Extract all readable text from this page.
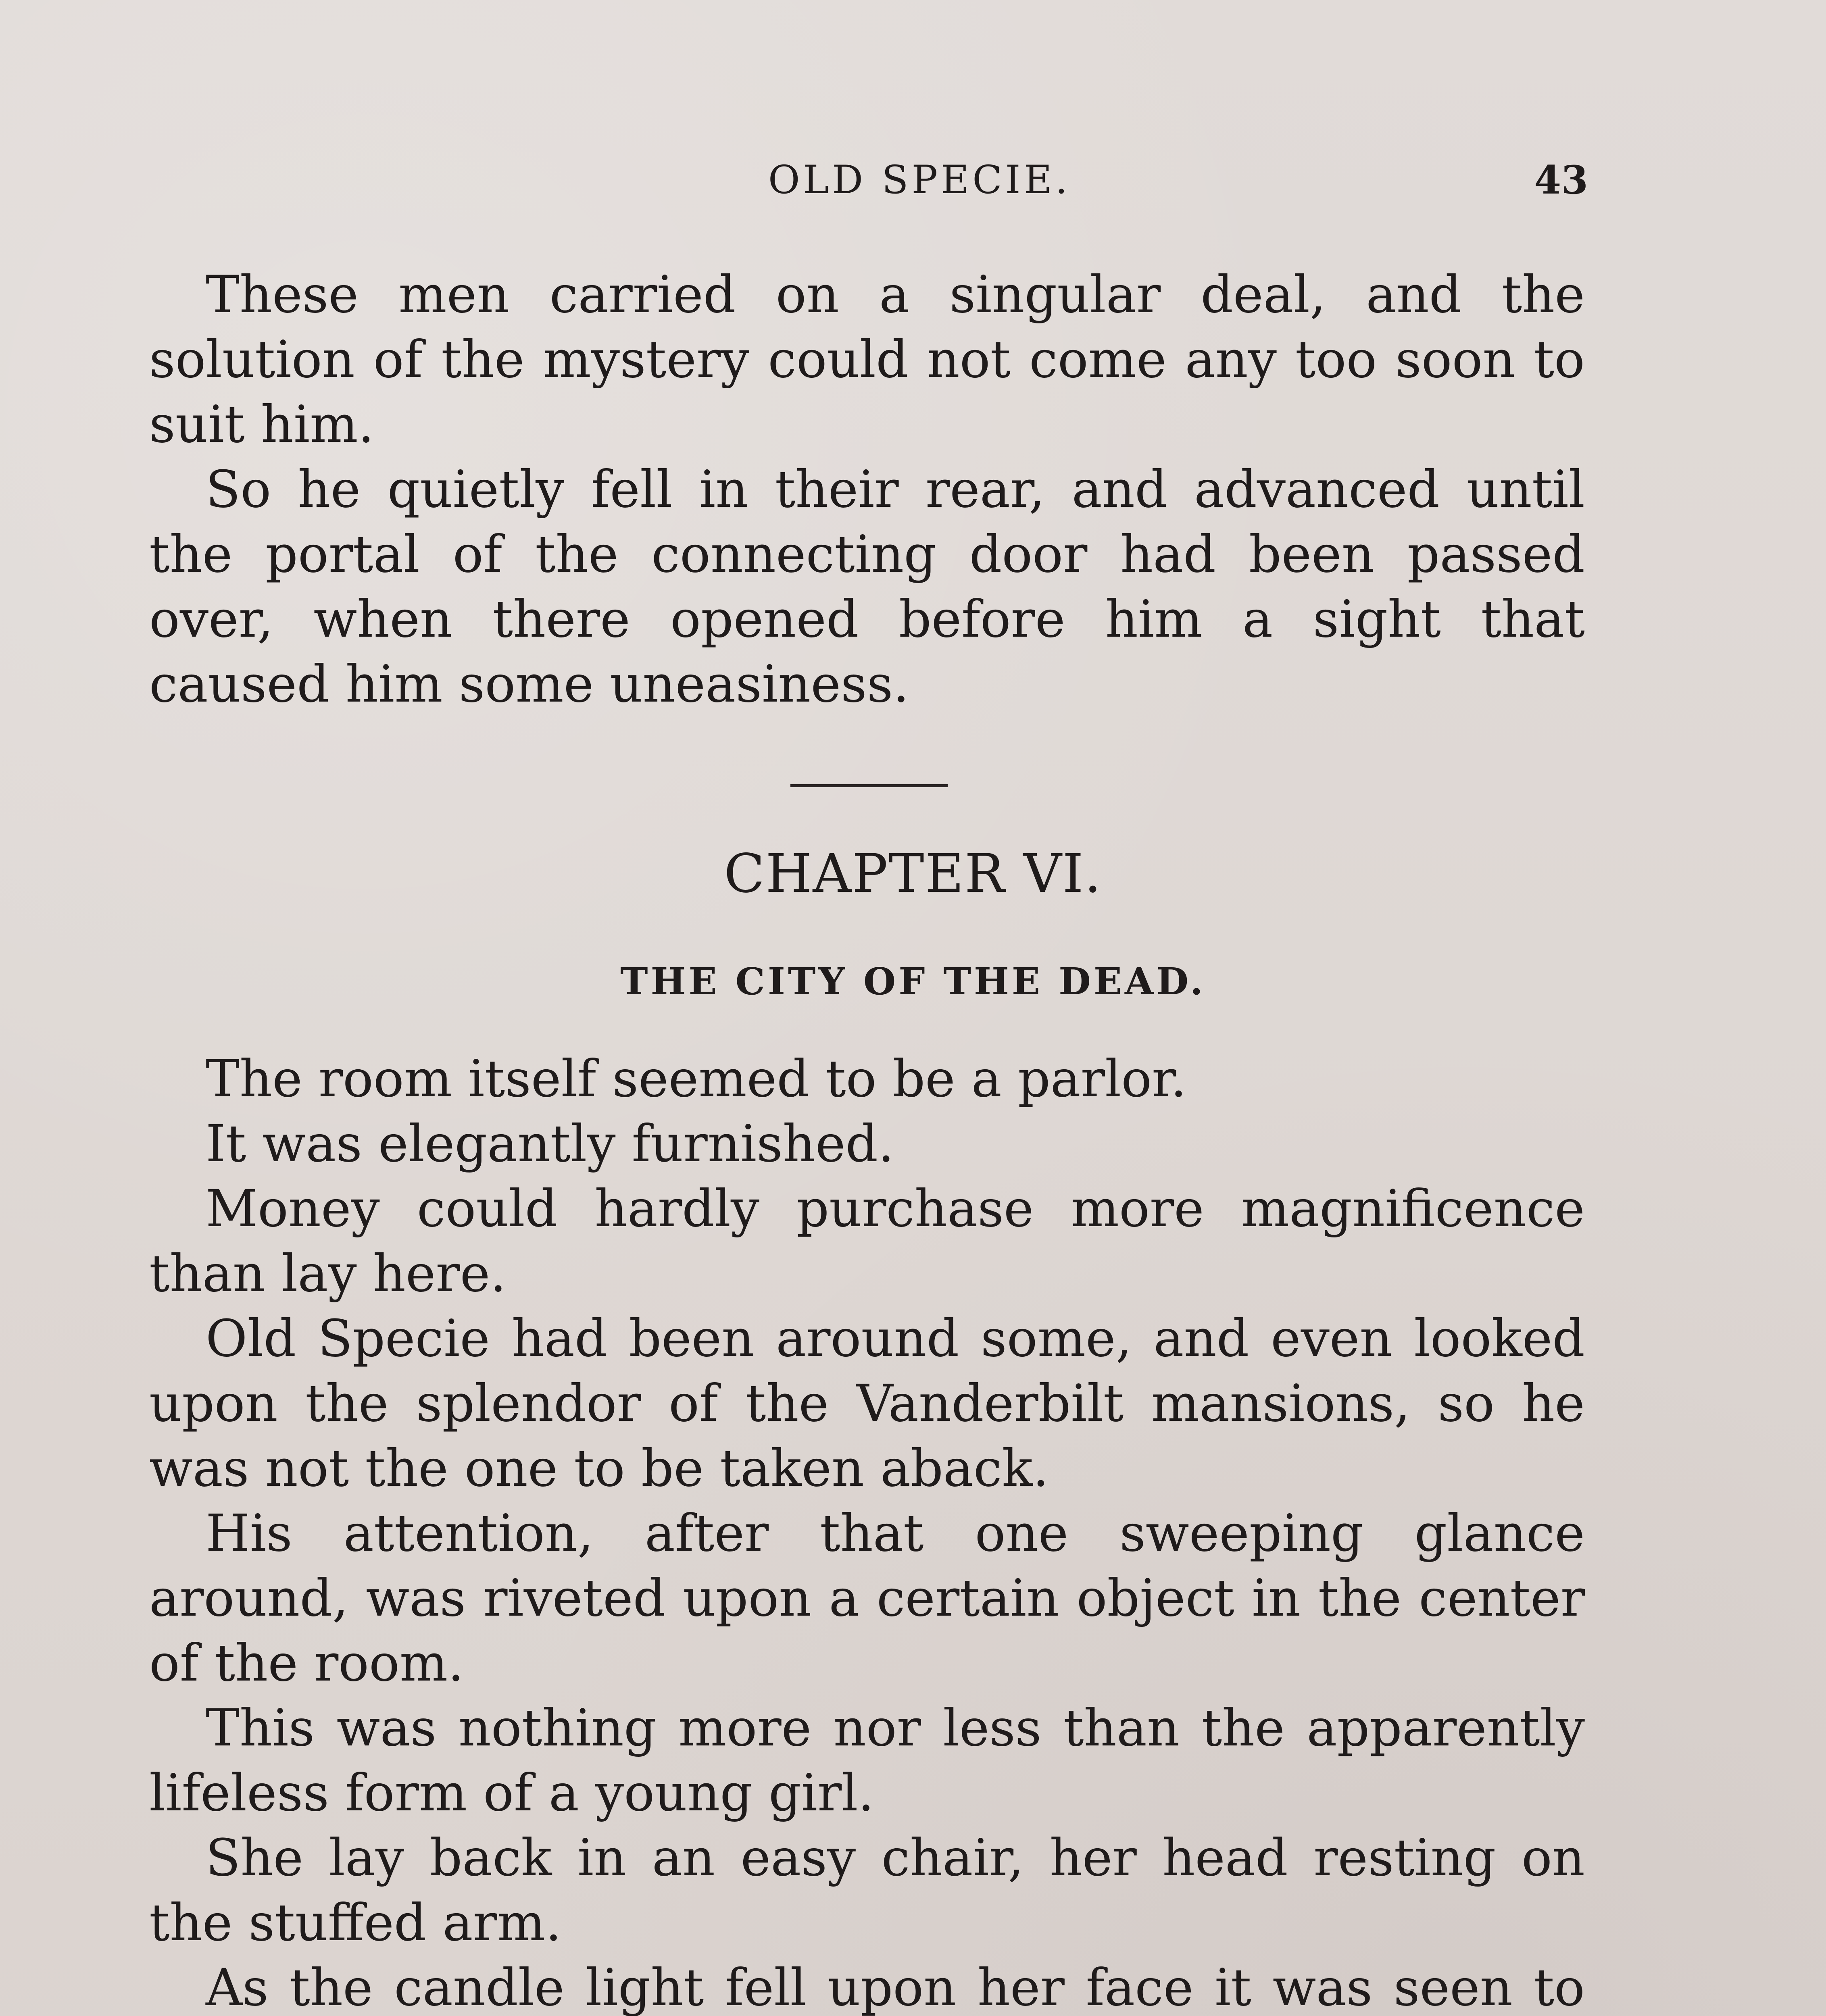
OLD SPECIE.	43

These men carried on a singular deal, and the solution of the mystery could not come any too soon to suit him.

So he quietly fell in their rear, and advanced until the portal of the connecting door had been passed over, when there opened before him a sight that caused him some uneasiness.

CHAPTER VI.
THE CITY OF THE DEAD.

The room itself seemed to be a parlor.

It was elegantly furnished.

Money could hardly purchase more magnificence than lay here.

Old Specie had been around some, and even looked upon the splendor of the Vanderbilt mansions, so he was not the one to be taken aback.

His attention, after that one sweeping glance around, was riveted upon a certain object in the center of the room.

This was nothing more nor less than the apparently lifeless form of a young girl.

She lay back in an easy chair, her head resting on the stuffed arm.

As the candle light fell upon her face it was seen to
